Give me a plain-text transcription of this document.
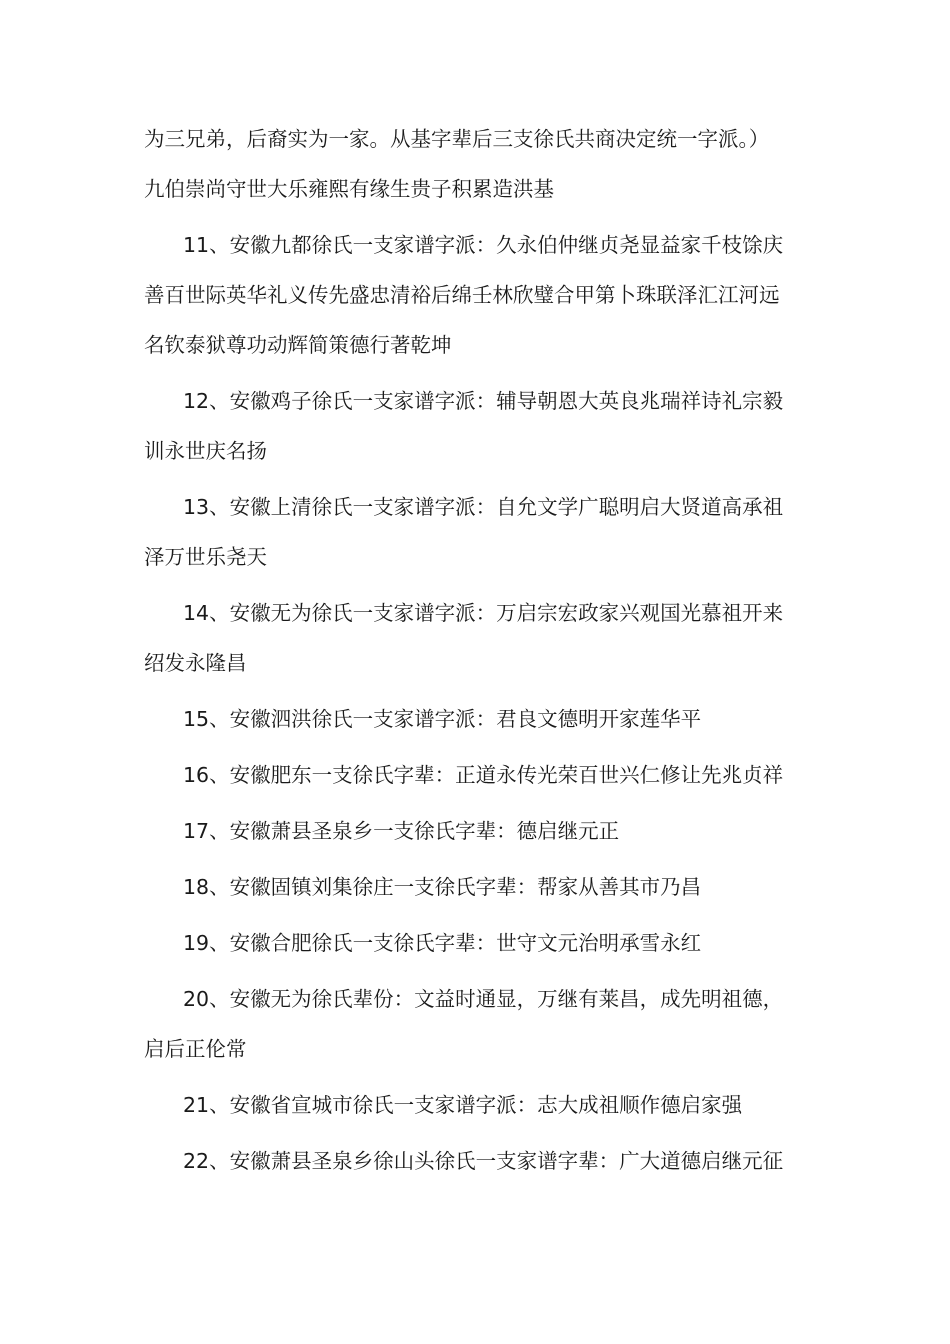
为三兄弟，后裔实为一家。从基字辈后三支徐氏共商决定统一字派。）
九伯崇尚守世大乐雍熙有缘生贵子积累造洪基
11、安徽九都徐氏一支家谱字派：久永伯仲继贞尧显益家千枝馀庆
善百世际英华礼义传先盛忠清裕后绵壬林欣璧合甲第卜珠联泽汇江河远
名钦泰狱尊功动辉简策德行著乾坤
12、安徽鸡子徐氏一支家谱字派：辅导朝恩大英良兆瑞祥诗礼宗毅
训永世庆名扬
13、安徽上清徐氏一支家谱字派：自允文学广聪明启大贤道高承祖
泽万世乐尧天
14、安徽无为徐氏一支家谱字派：万启宗宏政家兴观国光慕祖开来
绍发永隆昌
15、安徽泗洪徐氏一支家谱字派：君良文德明开家莲华平
16、安徽肥东一支徐氏字辈：正道永传光荣百世兴仁修让先兆贞祥
17、安徽萧县圣泉乡一支徐氏字辈：德启继元正
18、安徽固镇刘集徐庄一支徐氏字辈：帮家从善其市乃昌
19、安徽合肥徐氏一支徐氏字辈：世守文元治明承雪永红
20、安徽无为徐氏辈份：文益时通显，万继有莱昌，成先明祖德，
启后正伦常
21、安徽省宣城市徐氏一支家谱字派：志大成祖顺作德启家强
22、安徽萧县圣泉乡徐山头徐氏一支家谱字辈：广大道德启继元征
